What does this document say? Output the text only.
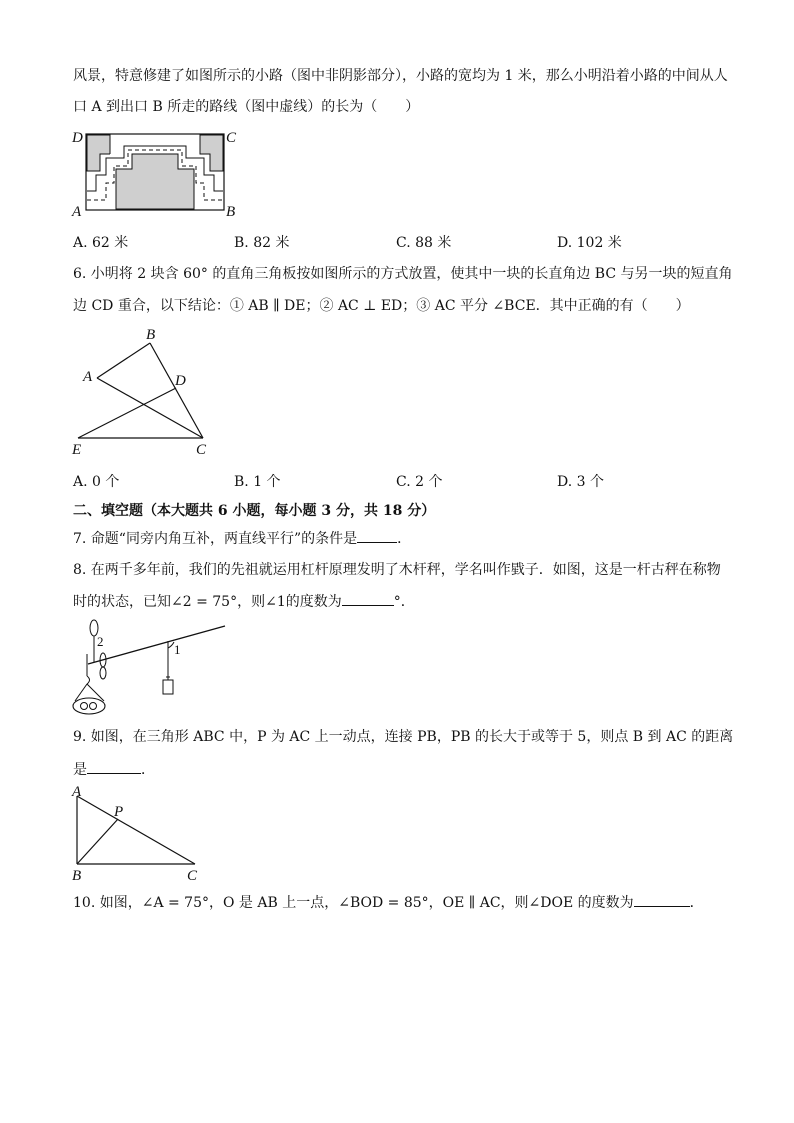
风景，特意修建了如图所示的小路（图中非阴影部分），小路的宽均为 1 米，那么小明沿着小路的中间从人
口 A 到出口 B 所走的路线（图中虚线）的长为（　　）
D	C
A	B
A. 62 米	B. 82 米	C. 88 米	D. 102 米
6. 小明将 2 块含 60° 的直角三角板按如图所示的方式放置，使其中一块的长直角边 BC 与另一块的短直角
边 CD 重合，以下结论：① AB ∥ DE；② AC ⊥ ED；③ AC 平分 ∠BCE．其中正确的有（　　）
B
A	D
E	C
A. 0 个	B. 1 个	C. 2 个	D. 3 个
二、填空题（本大题共 6 小题，每小题 3 分，共 18 分）
7. 命题“同旁内角互补，两直线平行”的条件是	．
8. 在两千多年前，我们的先祖就运用杠杆原理发明了木杆秤，学名叫作戥子．如图，这是一杆古秤在称物
时的状态，已知∠2 = 75°，则∠1的度数为	°．
2
1
9. 如图，在三角形 ABC 中，P 为 AC 上一动点，连接 PB，PB 的长大于或等于 5，则点 B 到 AC 的距离
是	．
A
P
B	C
10. 如图，∠A = 75°，O 是 AB 上一点，∠BOD = 85°，OE ∥ AC，则∠DOE 的度数为	．
